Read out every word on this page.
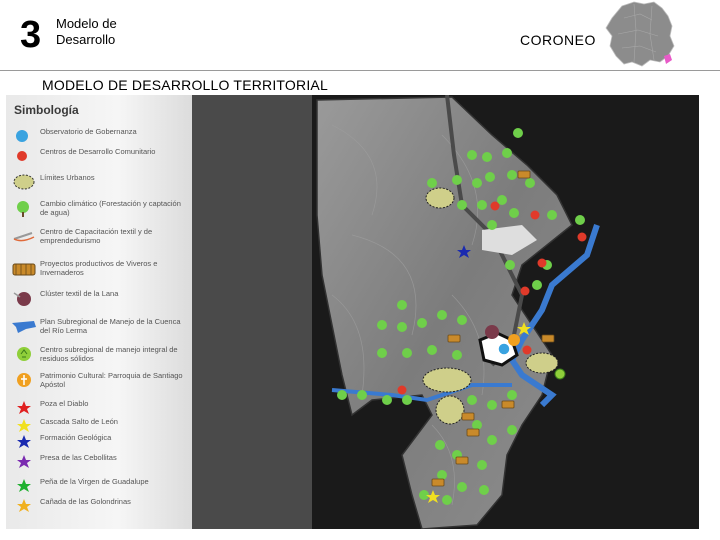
3 Modelo de
Desarrollo	CORONEO
MODELO DE DESARROLLO TERRITORIAL
Simbología
Observatorio de Gobernanza
Centros de Desarrollo Comunitario
Límites Urbanos
Cambio climático (Forestación y captación de agua)
Centro de Capacitación textil y de emprendedurismo
Proyectos productivos de Viveros e Invernaderos
Clúster textil de la Lana
Plan Subregional de Manejo de la Cuenca del Río Lerma
Centro subregional de manejo integral de residuos sólidos
Patrimonio Cultural: Parroquia de Santiago Apóstol
Poza el Diablo
Cascada Salto de León
Formación Geológica
Presa de las Cebollitas
Peña de la Virgen de Guadalupe
Cañada de las Golondrinas
